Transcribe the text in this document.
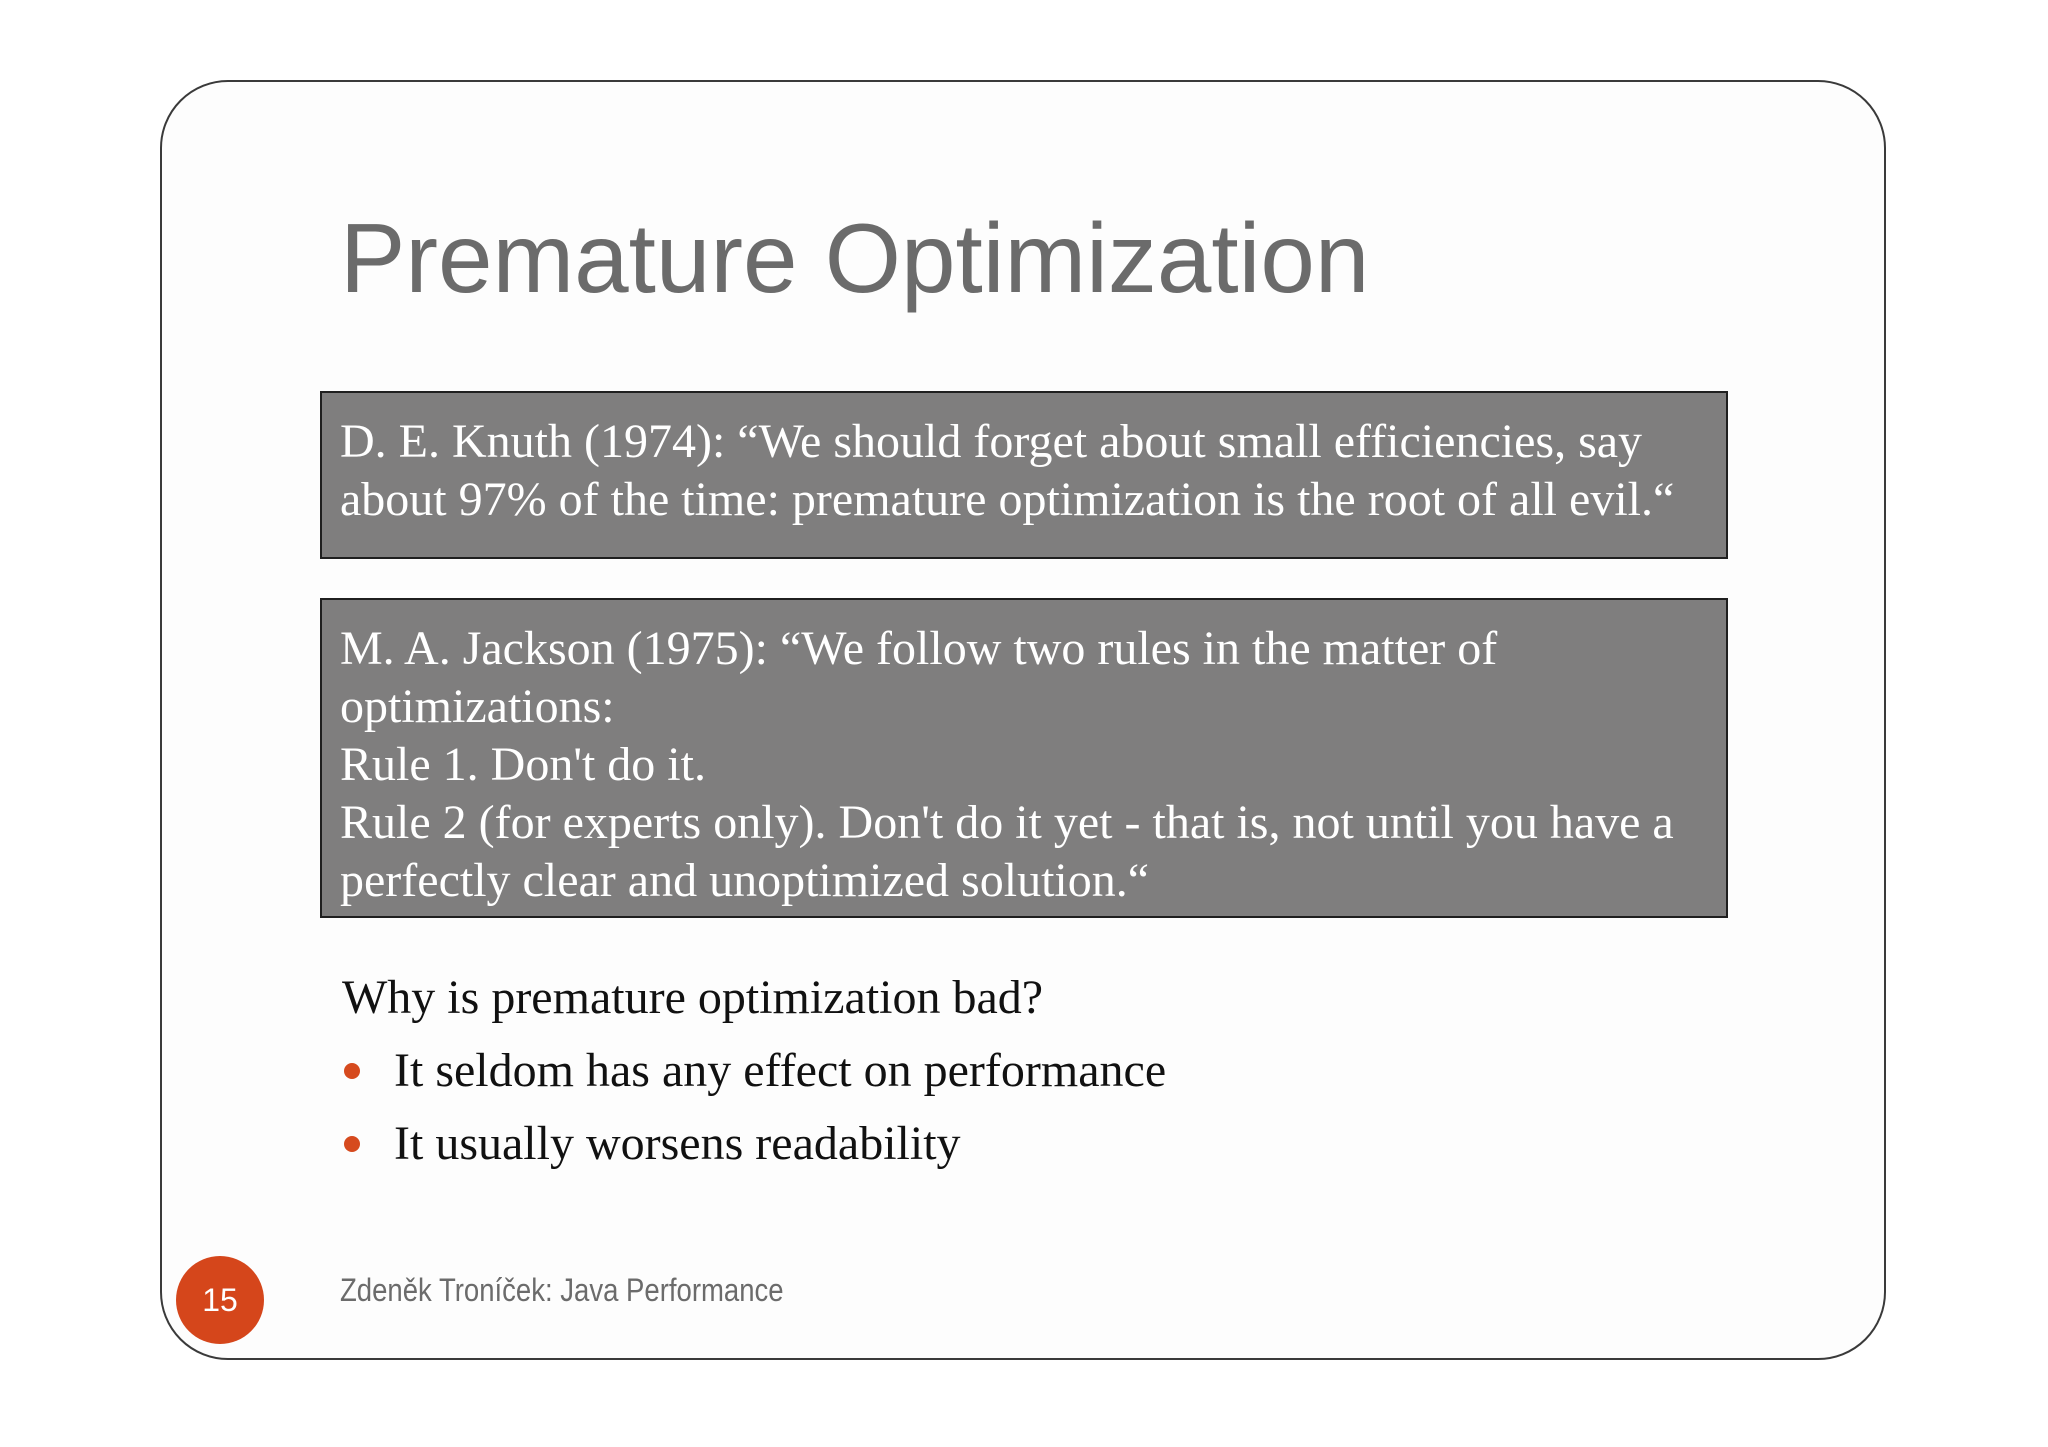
Premature Optimization
D. E. Knuth (1974): “We should forget about small efficiencies, say
about 97% of the time: premature optimization is the root of all evil.“
M. A. Jackson (1975): “We follow two rules in the matter of
optimizations:
Rule 1. Don't do it.
Rule 2 (for experts only). Don't do it yet - that is, not until you have a
perfectly clear and unoptimized solution.“

Why is premature optimization bad?

It seldom has any effect on performance
It usually worsens readability
15	Zdeněk Troníček: Java Performance
